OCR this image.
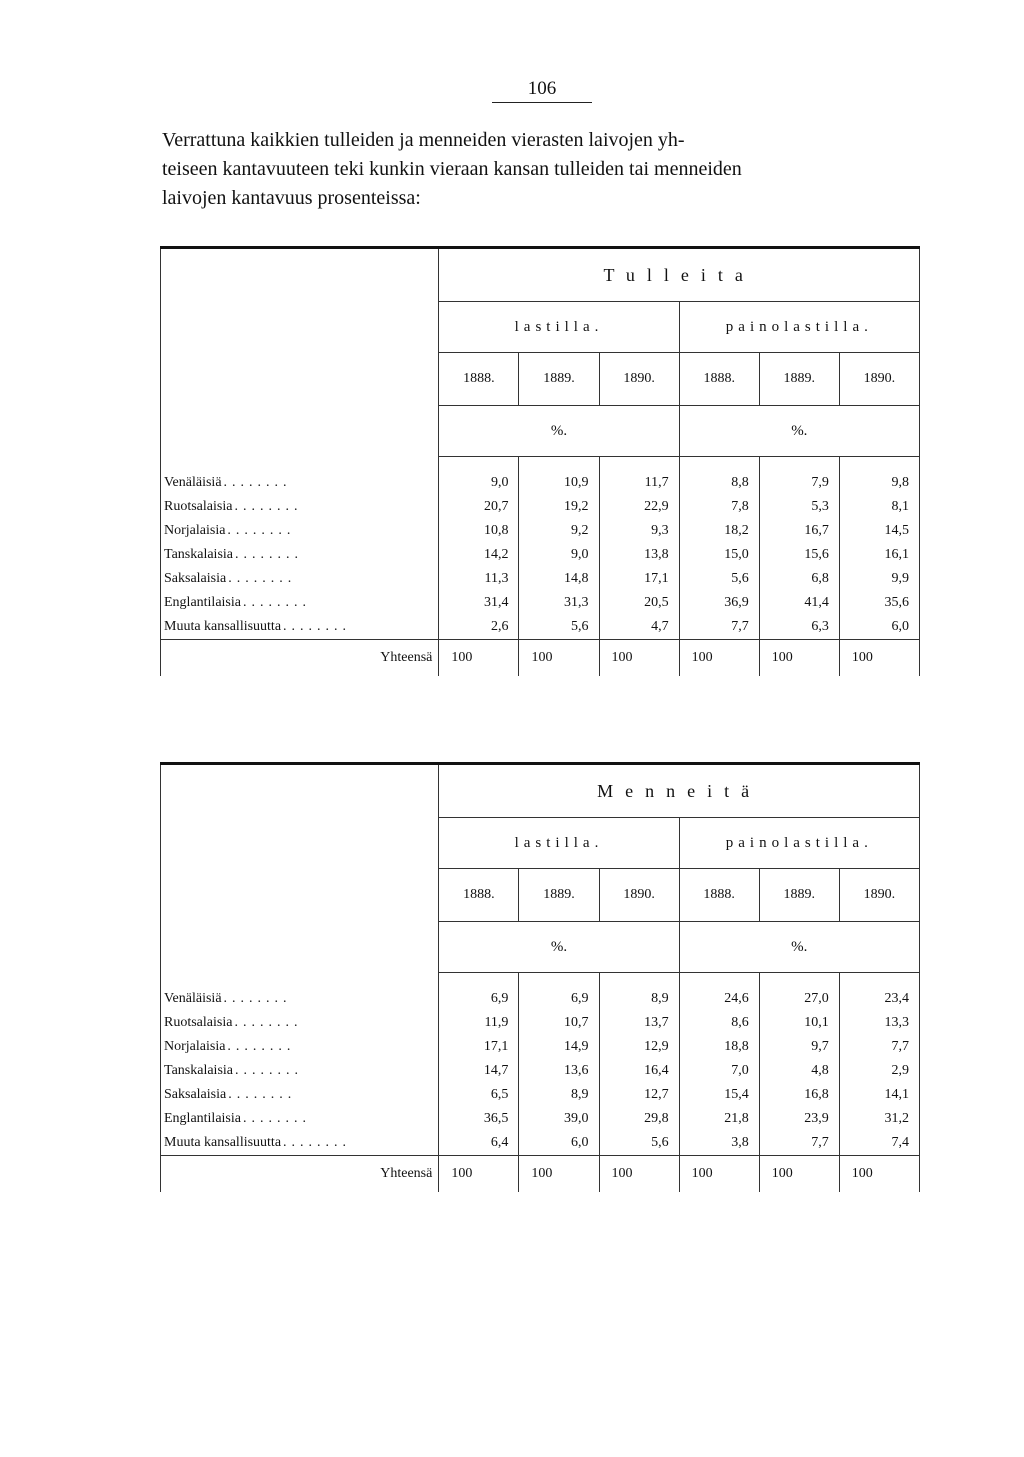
106

Verrattuna kaikkien tulleiden ja menneiden vierasten laivojen yh-

teiseen kantavuuteen teki kunkin vieraan kansan tulleiden tai menneiden

laivojen kantavuus prosenteissa:

	Tulleita					
	lastilla.			painolastilla.		
	1888.	1889.	1890.	1888.	1889.	1890.
	%.			%.		
Venäläisiä ........	9,0	10,9	11,7	8,8	7,9	9,8
Ruotsalaisia ........	20,7	19,2	22,9	7,8	5,3	8,1
Norjalaisia ........	10,8	9,2	9,3	18,2	16,7	14,5
Tanskalaisia ........	14,2	9,0	13,8	15,0	15,6	16,1
Saksalaisia ........	11,3	14,8	17,1	5,6	6,8	9,9
Englantilaisia ........	31,4	31,3	20,5	36,9	41,4	35,6
Muuta kansallisuutta ........	2,6	5,6	4,7	7,7	6,3	6,0
Yhteensä	100	100	100	100	100	100
	Menneitä					
	lastilla.			painolastilla.		
	1888.	1889.	1890.	1888.	1889.	1890.
	%.			%.		
Venäläisiä ........	6,9	6,9	8,9	24,6	27,0	23,4
Ruotsalaisia ........	11,9	10,7	13,7	8,6	10,1	13,3
Norjalaisia ........	17,1	14,9	12,9	18,8	9,7	7,7
Tanskalaisia ........	14,7	13,6	16,4	7,0	4,8	2,9
Saksalaisia ........	6,5	8,9	12,7	15,4	16,8	14,1
Englantilaisia ........	36,5	39,0	29,8	21,8	23,9	31,2
Muuta kansallisuutta ........	6,4	6,0	5,6	3,8	7,7	7,4
Yhteensä	100	100	100	100	100	100
